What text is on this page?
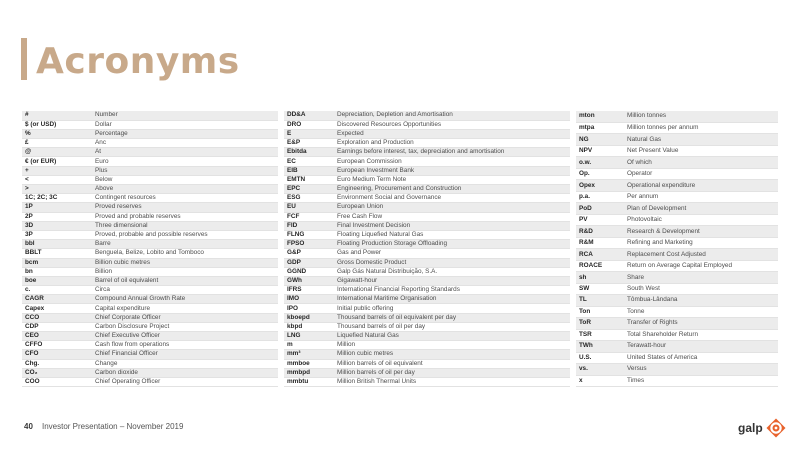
Acronyms
#	Number
$ (or USD)	Dollar
%	Percentage
£	Anc
@	At
€ (or EUR)	Euro
+	Plus
<	Below
>	Above
1C; 2C; 3C	Contingent resources
1P	Proved reserves
2P	Proved and probable reserves
3D	Three dimensional
3P	Proved, probable and possible reserves
bbl	Barre
BBLT	Benguela, Belize, Lobito and Tomboco
bcm	Billion cubic metres
bn	Billion
boe	Barrel of oil equivalent
c.	Circa
CAGR	Compound Annual Growth Rate
Capex	Capital expenditure
CCO	Chief Corporate Officer
CDP	Carbon Disclosure Project
CEO	Chief Executive Officer
CFFO	Cash flow from operations
CFO	Chief Financial Officer
Chg.	Change
CO₂	Carbon dioxide
COO	Chief Operating Officer
DD&A	Depreciation, Depletion and Amortisation
DRO	Discovered Resources Opportunities
E	Expected
E&P	Exploration and Production
Ebitda	Earnings before interest, tax, depreciation and amortisation
EC	European Commission
EIB	European Investment Bank
EMTN	Euro Medium Term Note
EPC	Engineering, Procurement and Construction
ESG	Environment Social and Governance
EU	European Union
FCF	Free Cash Flow
FID	Final Investment Decision
FLNG	Floating Liquefied Natural Gas
FPSO	Floating Production Storage Offloading
G&P	Gas and Power
GDP	Gross Domestic Product
GGND	Galp Gás Natural Distribuição, S.A.
GWh	Gigawatt-hour
IFRS	International Financial Reporting Standards
IMO	International Maritime Organisation
IPO	Initial public offering
kboepd	Thousand barrels of oil equivalent per day
kbpd	Thousand barrels of oil per day
LNG	Liquefied Natural Gas
m	Million
mm³	Million cubic metres
mmboe	Million barrels of oil equivalent
mmbpd	Million barrels of oil per day
mmbtu	Million British Thermal Units
mton	Million tonnes
mtpa	Million tonnes per annum
NG	Natural Gas
NPV	Net Present Value
o.w.	Of which
Op.	Operator
Opex	Operational expenditure
p.a.	Per annum
PoD	Plan of Development
PV	Photovoltaic
R&D	Research & Development
R&M	Refining and Marketing
RCA	Replacement Cost Adjusted
ROACE	Return on Average Capital Employed
sh	Share
SW	South West
TL	Tômbua-Lândana
Ton	Tonne
ToR	Transfer of Rights
TSR	Total Shareholder Return
TWh	Terawatt-hour
U.S.	United States of America
vs.	Versus
x	Times
40 Investor Presentation – November 2019	galp
